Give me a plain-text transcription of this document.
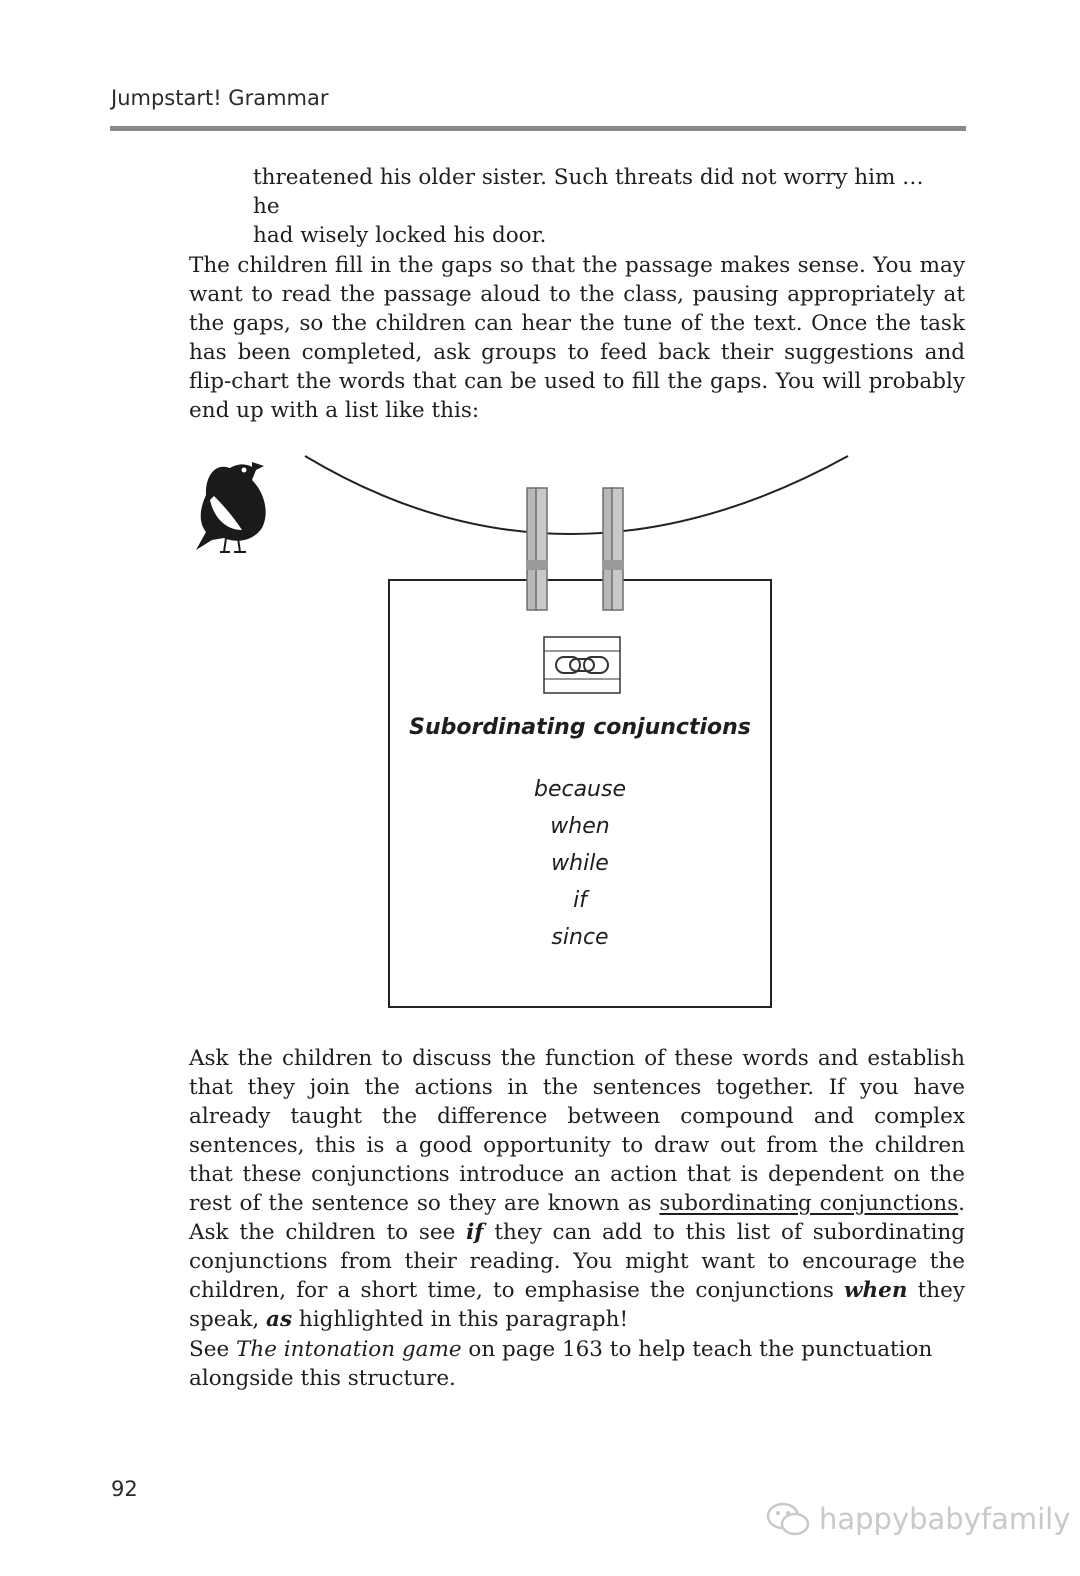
Jumpstart! Grammar
threatened his older sister. Such threats did not worry him … he
had wisely locked his door.
The children fill in the gaps so that the passage makes sense. You may want to read the passage aloud to the class, pausing appropriately at the gaps, so the children can hear the tune of the text. Once the task has been completed, ask groups to feed back their suggestions and flip-chart the words that can be used to fill the gaps. You will probably end up with a list like this:
Subordinating conjunctions
because
when
while
if
since
Ask the children to discuss the function of these words and establish that they join the actions in the sentences together. If you have already taught the difference between compound and complex sentences, this is a good opportunity to draw out from the children that these conjunctions introduce an action that is dependent on the rest of the sentence so they are known as subordinating conjunctions. Ask the children to see if they can add to this list of subordinating conjunctions from their reading. You might want to encourage the children, for a short time, to emphasise the conjunctions when they speak, as highlighted in this paragraph!
See The intonation game on page 163 to help teach the punctuation alongside this structure.
92
happybabyfamily
